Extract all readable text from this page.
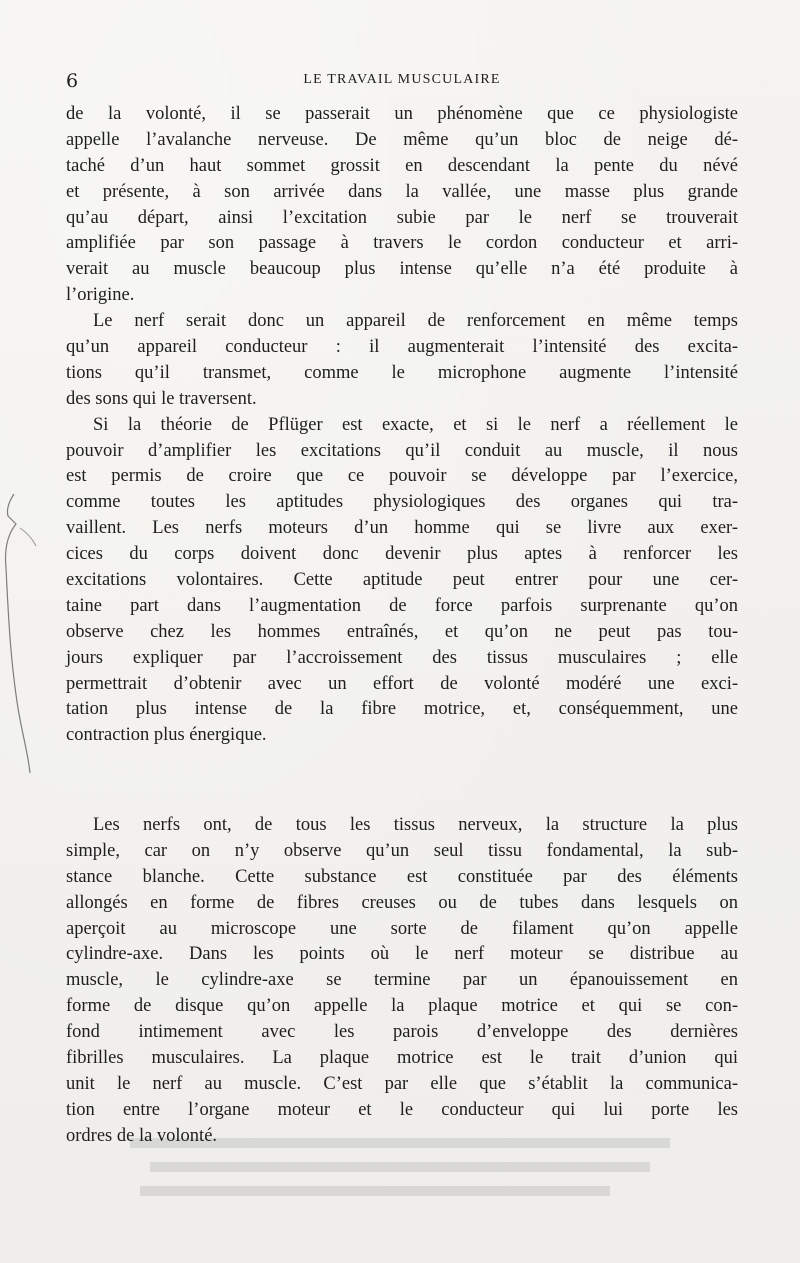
6	LE TRAVAIL MUSCULAIRE
de la volonté, il se passerait un phénomène que ce physiologiste
appelle l’avalanche nerveuse. De même qu’un bloc de neige dé-
taché d’un haut sommet grossit en descendant la pente du névé
et présente, à son arrivée dans la vallée, une masse plus grande
qu’au départ, ainsi l’excitation subie par le nerf se trouverait
amplifiée par son passage à travers le cordon conducteur et arri-
verait au muscle beaucoup plus intense qu’elle n’a été produite à
l’origine.
Le nerf serait donc un appareil de renforcement en même temps
qu’un appareil conducteur : il augmenterait l’intensité des excita-
tions qu’il transmet, comme le microphone augmente l’intensité
des sons qui le traversent.
Si la théorie de Pflüger est exacte, et si le nerf a réellement le
pouvoir d’amplifier les excitations qu’il conduit au muscle, il nous
est permis de croire que ce pouvoir se développe par l’exercice,
comme toutes les aptitudes physiologiques des organes qui tra-
vaillent. Les nerfs moteurs d’un homme qui se livre aux exer-
cices du corps doivent donc devenir plus aptes à renforcer les
excitations volontaires. Cette aptitude peut entrer pour une cer-
taine part dans l’augmentation de force parfois surprenante qu’on
observe chez les hommes entraînés, et qu’on ne peut pas tou-
jours expliquer par l’accroissement des tissus musculaires ; elle
permettrait d’obtenir avec un effort de volonté modéré une exci-
tation plus intense de la fibre motrice, et, conséquemment, une
contraction plus énergique.
Les nerfs ont, de tous les tissus nerveux, la structure la plus
simple, car on n’y observe qu’un seul tissu fondamental, la sub-
stance blanche. Cette substance est constituée par des éléments
allongés en forme de fibres creuses ou de tubes dans lesquels on
aperçoit au microscope une sorte de filament qu’on appelle
cylindre-axe. Dans les points où le nerf moteur se distribue au
muscle, le cylindre-axe se termine par un épanouissement en
forme de disque qu’on appelle la plaque motrice et qui se con-
fond intimement avec les parois d’enveloppe des dernières
fibrilles musculaires. La plaque motrice est le trait d’union qui
unit le nerf au muscle. C’est par elle que s’établit la communica-
tion entre l’organe moteur et le conducteur qui lui porte les
ordres de la volonté.
